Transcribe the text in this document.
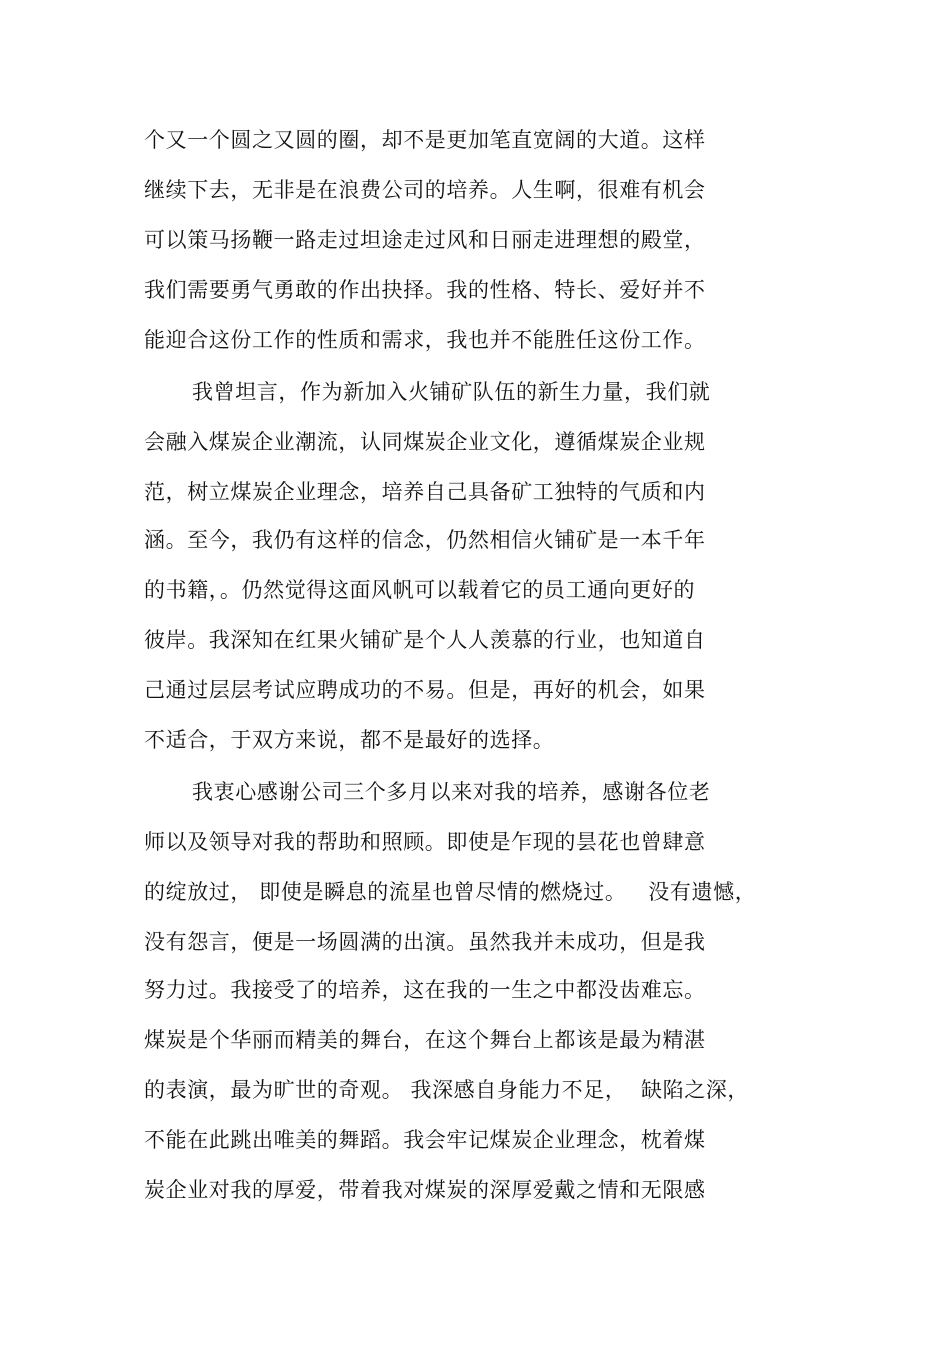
个又一个圆之又圆的圈，却不是更加笔直宽阔的大道。这样
继续下去，无非是在浪费公司的培养。人生啊，很难有机会
可以策马扬鞭一路走过坦途走过风和日丽走进理想的殿堂，
我们需要勇气勇敢的作出抉择。我的性格、特长、爱好并不
能迎合这份工作的性质和需求，我也并不能胜任这份工作。
我曾坦言，作为新加入火铺矿队伍的新生力量，我们就
会融入煤炭企业潮流，认同煤炭企业文化，遵循煤炭企业规
范，树立煤炭企业理念，培养自己具备矿工独特的气质和内
涵。至今，我仍有这样的信念，仍然相信火铺矿是一本千年
的书籍，。仍然觉得这面风帆可以载着它的员工通向更好的
彼岸。我深知在红果火铺矿是个人人羡慕的行业，也知道自
己通过层层考试应聘成功的不易。但是，再好的机会，如果
不适合，于双方来说，都不是最好的选择。
我衷心感谢公司三个多月以来对我的培养，感谢各位老
师以及领导对我的帮助和照顾。即使是乍现的昙花也曾肆意
的绽放过， 即使是瞬息的流星也曾尽情的燃烧过。   没有遗憾，
没有怨言，便是一场圆满的出演。虽然我并未成功，但是我
努力过。我接受了的培养，这在我的一生之中都没齿难忘。
煤炭是个华丽而精美的舞台，在这个舞台上都该是最为精湛
的表演，最为旷世的奇观。 我深感自身能力不足，  缺陷之深，
不能在此跳出唯美的舞蹈。我会牢记煤炭企业理念，枕着煤
炭企业对我的厚爱，带着我对煤炭的深厚爱戴之情和无限感
